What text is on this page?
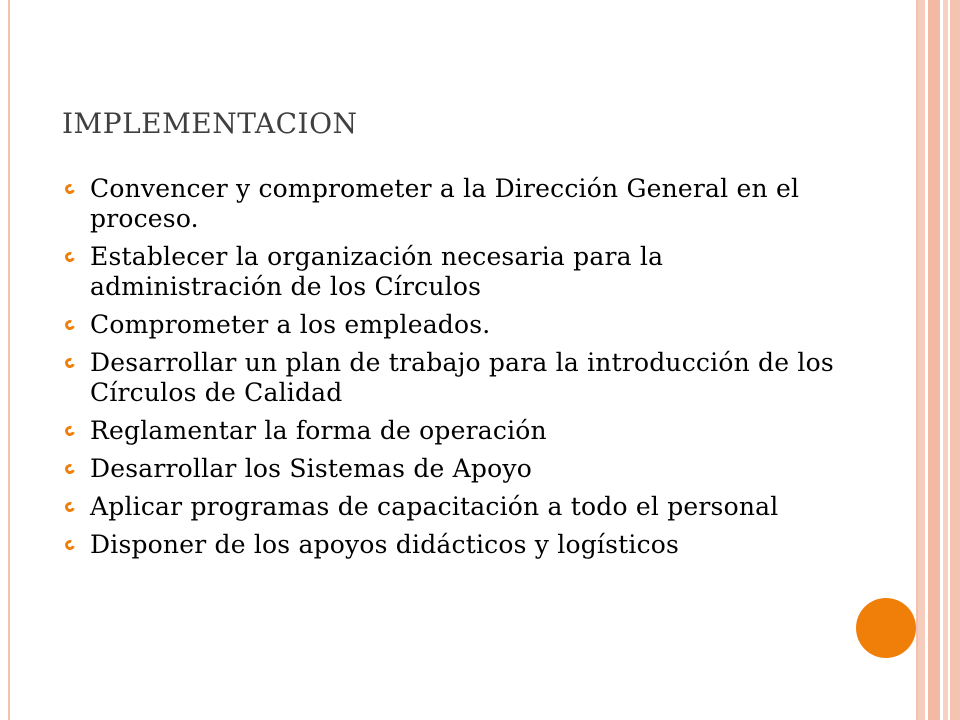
IMPLEMENTACION
Convencer y comprometer a la Dirección General en el proceso.
Establecer la organización necesaria para la administración de los Círculos
Comprometer a los empleados.
Desarrollar un plan de trabajo para la introducción de los Círculos de Calidad
Reglamentar la forma de operación
Desarrollar los Sistemas de Apoyo
Aplicar programas de capacitación a todo el personal
Disponer de los apoyos didácticos y logísticos
